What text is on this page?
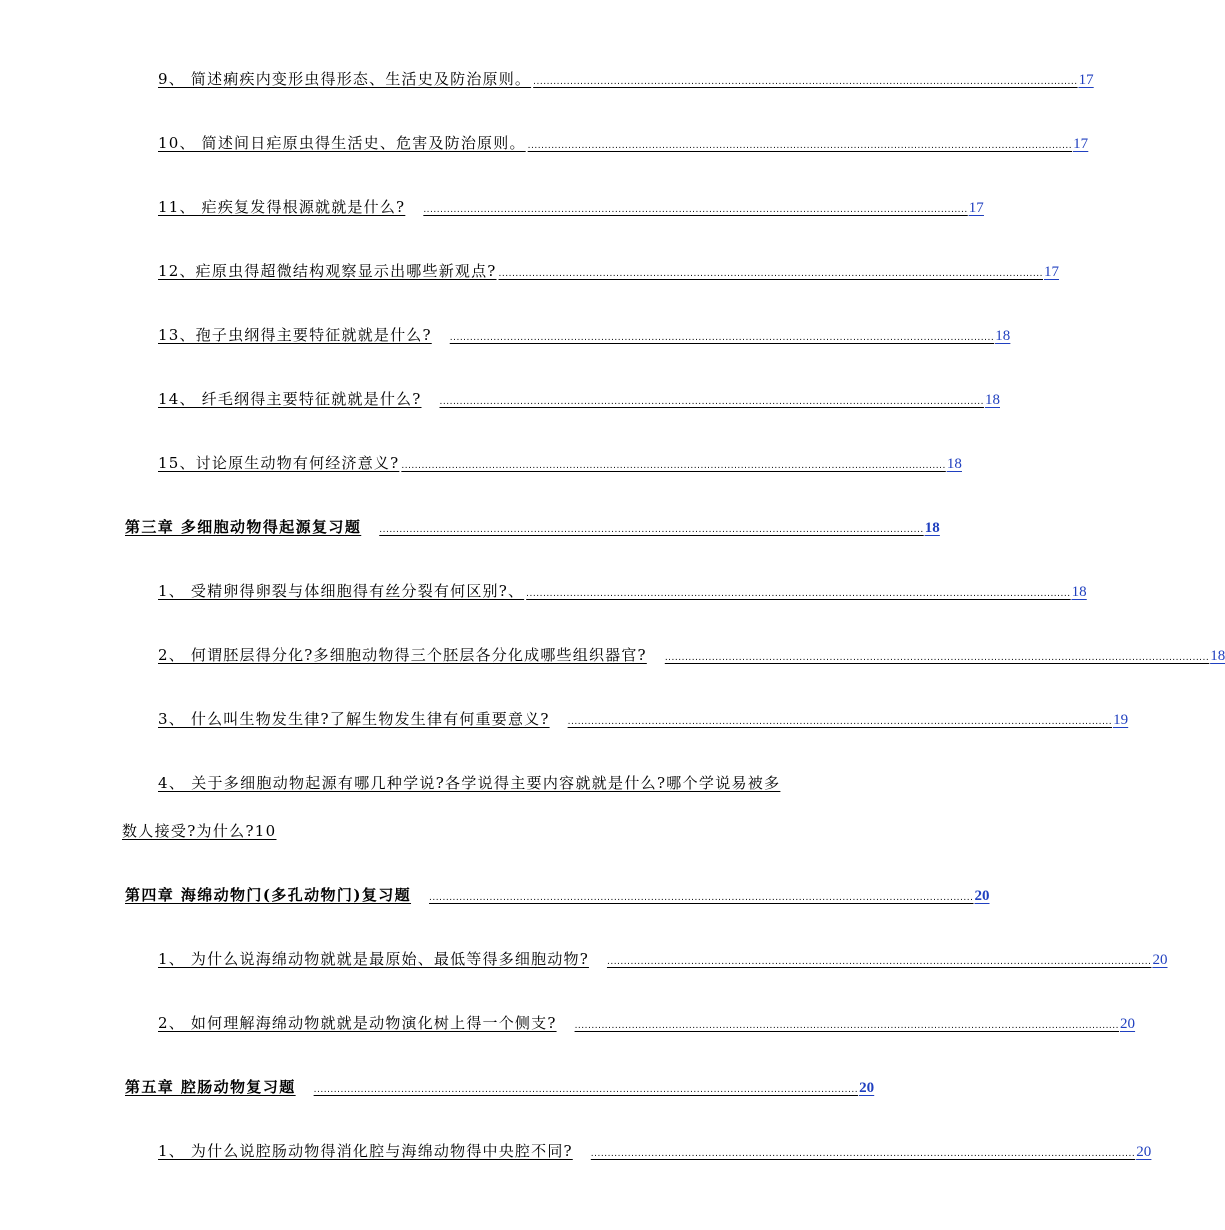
9、 简述痢疾内变形虫得形态、生活史及防治原则。 .................................................................................................................................................................. 17
10、 简述间日疟原虫得生活史、危害及防治原则。 .................................................................................................................................................................. 17
11、 疟疾复发得根源就就是什么? .................................................................................................................................................................. 17
12、疟原虫得超微结构观察显示出哪些新观点? .................................................................................................................................................................. 17
13、孢子虫纲得主要特征就就是什么? .................................................................................................................................................................. 18
14、 纤毛纲得主要特征就就是什么? .................................................................................................................................................................. 18
15、讨论原生动物有何经济意义? .................................................................................................................................................................. 18
第三章 多细胞动物得起源复习题 .................................................................................................................................................................. 18
1、 受精卵得卵裂与体细胞得有丝分裂有何区别?、 .................................................................................................................................................................. 18
2、 何谓胚层得分化?多细胞动物得三个胚层各分化成哪些组织器官? .................................................................................................................................................................. 18
3、 什么叫生物发生律?了解生物发生律有何重要意义? .................................................................................................................................................................. 19
4、 关于多细胞动物起源有哪几种学说?各学说得主要内容就就是什么?哪个学说易被多
数人接受?为什么?10
第四章 海绵动物门(多孔动物门)复习题 .................................................................................................................................................................. 20
1、 为什么说海绵动物就就是最原始、最低等得多细胞动物? .................................................................................................................................................................. 20
2、 如何理解海绵动物就就是动物演化树上得一个侧支? .................................................................................................................................................................. 20
第五章 腔肠动物复习题 .................................................................................................................................................................. 20
1、 为什么说腔肠动物得消化腔与海绵动物得中央腔不同? .................................................................................................................................................................. 20
